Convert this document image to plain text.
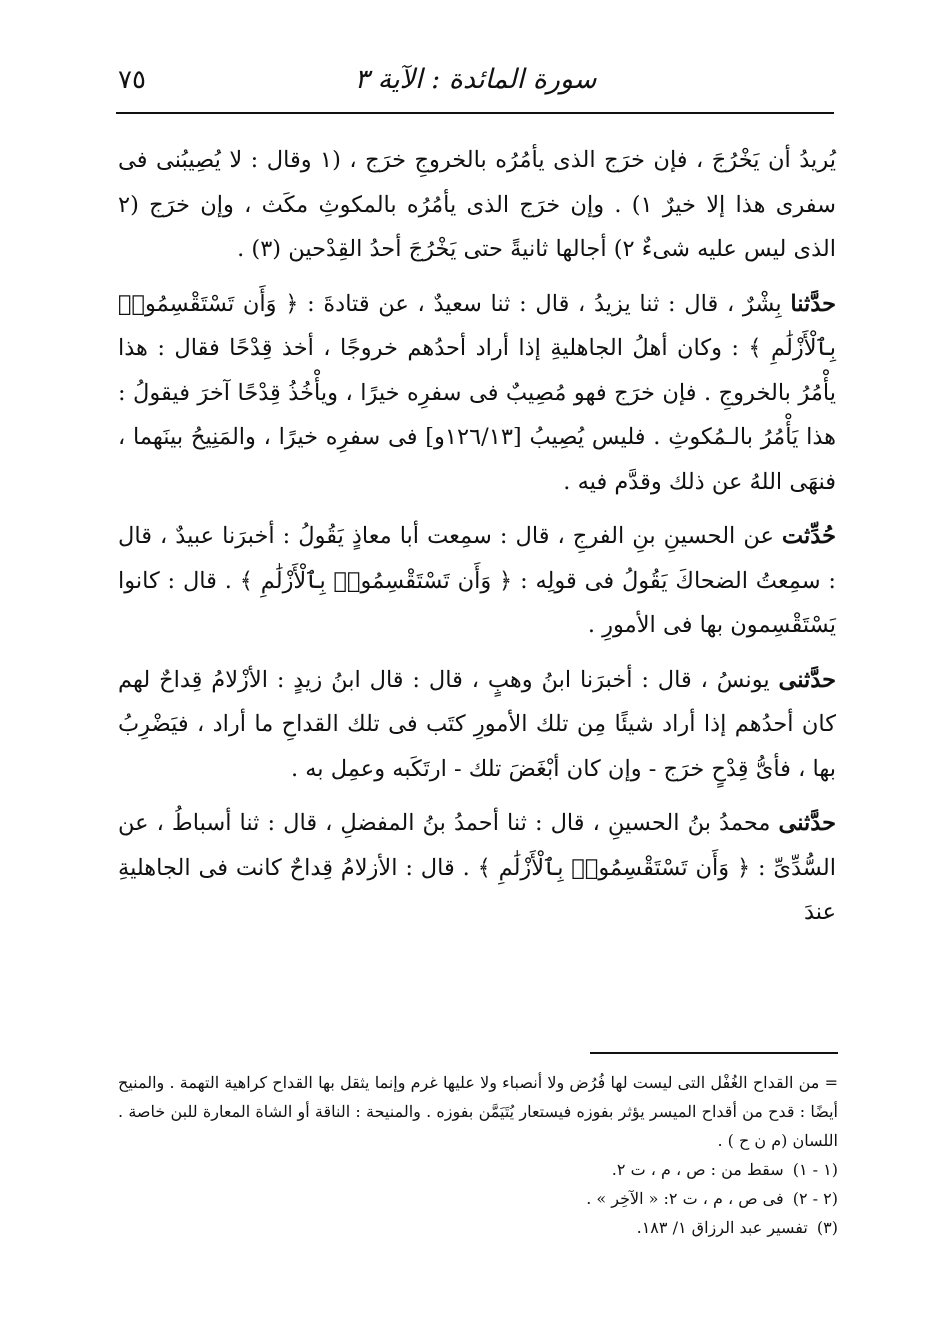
سورة المائدة : الآية ٣
٧٥

يُريدُ أن يَخْرُجَ ، فإن خرَج الذى يأمُرُه بالخروجِ خرَج ، (١ وقال : لا يُصِيبُنى فى سفرى هذا إلا خيرٌ ١) . وإن خرَج الذى يأمُرُه بالمكوثِ مكَث ، وإن خرَج (٢ الذى ليس عليه شىءٌ ٢) أجالها ثانيةً حتى يَخْرُجَ أحدُ القِدْحين (٣) .

حدَّثنا بِشْرٌ ، قال : ثنا يزيدُ ، قال : ثنا سعيدٌ ، عن قتادةَ : ﴿ وَأَن تَسْتَقْسِمُوا۟ بِٱلْأَزْلَٰمِ ﴾ : وكان أهلُ الجاهليةِ إذا أراد أحدُهم خروجًا ، أخذ قِدْحًا فقال : هذا يأْمُرُ بالخروجِ . فإن خرَج فهو مُصِيبٌ فى سفرِه خيرًا ، ويأْخُذُ قِدْحًا آخرَ فيقولُ : هذا يَأْمُرُ بالـمُكوثِ . فليس يُصِيبُ [١٢٦/١٣و] فى سفرِه خيرًا ، والمَنِيحُ بينَهما ، فنهَى اللهُ عن ذلك وقدَّم فيه .

حُدِّثت عن الحسينِ بنِ الفرجِ ، قال : سمِعت أبا معاذٍ يَقُولُ : أخبرَنا عبيدٌ ، قال : سمِعتُ الضحاكَ يَقُولُ فى قولِه : ﴿ وَأَن تَسْتَقْسِمُوا۟ بِٱلْأَزْلَٰمِ ﴾ . قال : كانوا يَسْتَقْسِمون بها فى الأمورِ .

حدَّثنى يونسُ ، قال : أخبرَنا ابنُ وهبٍ ، قال : قال ابنُ زيدٍ : الأزْلامُ قِداحٌ لهم كان أحدُهم إذا أراد شيئًا مِن تلك الأمورِ كتَب فى تلك القداحِ ما أراد ، فيَضْرِبُ بها ، فأىُّ قِدْحٍ خرَج - وإن كان أبْغَضَ تلك - ارتَكَبه وعمِل به .

حدَّثنى محمدُ بنُ الحسينِ ، قال : ثنا أحمدُ بنُ المفضلِ ، قال : ثنا أسباطُ ، عن السُّدِّىِّ : ﴿ وَأَن تَسْتَقْسِمُوا۟ بِٱلْأَزْلَٰمِ ﴾ . قال : الأزلامُ قِداحٌ كانت فى الجاهليةِ عندَ

= من القداح الغُفْل التى ليست لها فُرُض ولا أنصباء ولا عليها غرم وإنما يثقل بها القداح كراهية التهمة . والمنيح أيضًا : قدح من أقداح الميسر يؤثر بفوزه فيستعار يُتَيَمَّن بفوزه . والمنيحة : الناقة أو الشاة المعارة للبن خاصة . اللسان (م ن ح ) .

(١ - ١) سقط من : ص ، م ، ت ٢.

(٢ - ٢) فى ص ، م ، ت ٢: « الآخِر » .

(٣) تفسير عبد الرزاق ١/ ١٨٣.
